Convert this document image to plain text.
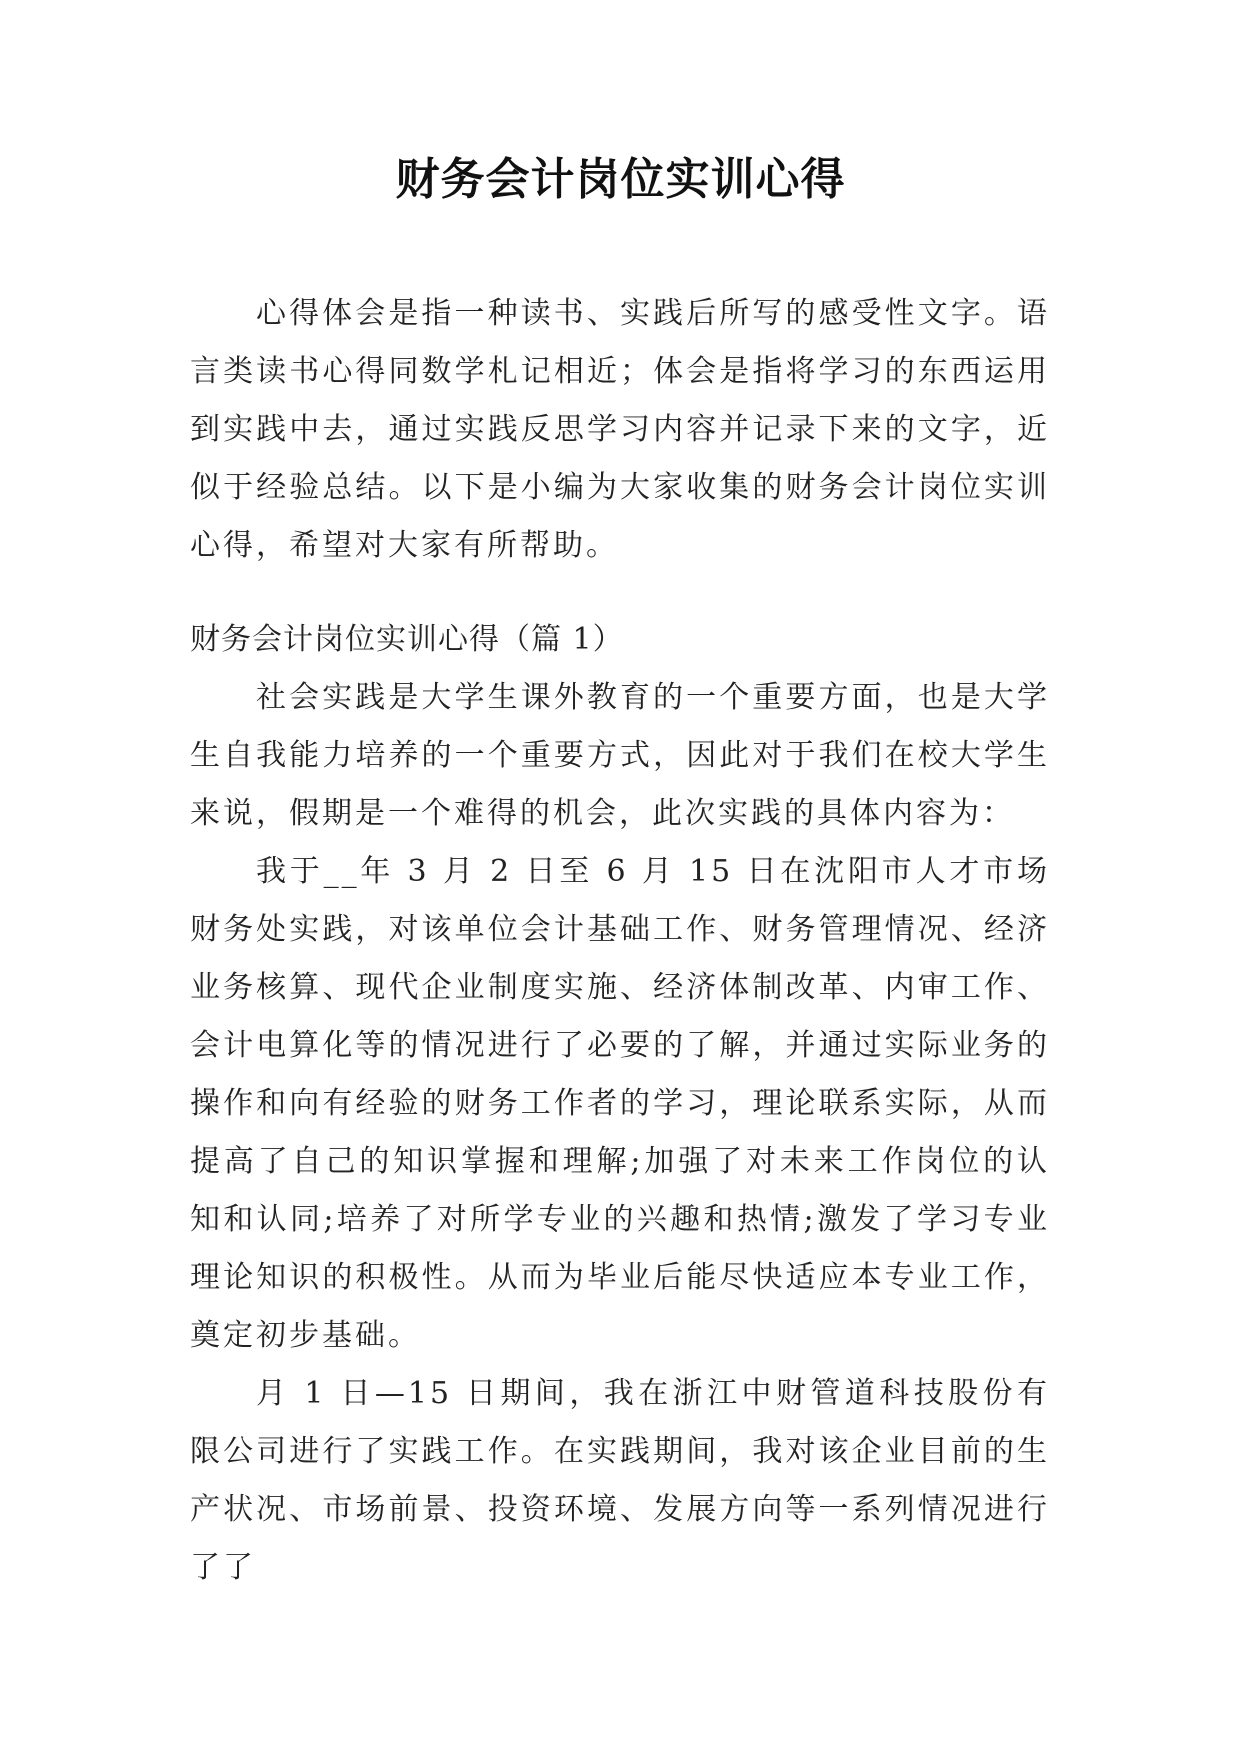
财务会计岗位实训心得

心得体会是指一种读书、实践后所写的感受性文字。语言类读书心得同数学札记相近；体会是指将学习的东西运用到实践中去，通过实践反思学习内容并记录下来的文字，近似于经验总结。以下是小编为大家收集的财务会计岗位实训心得，希望对大家有所帮助。

财务会计岗位实训心得（篇 1）

社会实践是大学生课外教育的一个重要方面，也是大学生自我能力培养的一个重要方式，因此对于我们在校大学生来说，假期是一个难得的机会，此次实践的具体内容为：

我于__年 3 月 2 日至 6 月 15 日在沈阳市人才市场财务处实践，对该单位会计基础工作、财务管理情况、经济业务核算、现代企业制度实施、经济体制改革、内审工作、会计电算化等的情况进行了必要的了解，并通过实际业务的操作和向有经验的财务工作者的学习，理论联系实际，从而提高了自己的知识掌握和理解;加强了对未来工作岗位的认知和认同;培养了对所学专业的兴趣和热情;激发了学习专业理论知识的积极性。从而为毕业后能尽快适应本专业工作，奠定初步基础。

月 1 日—15 日期间，我在浙江中财管道科技股份有限公司进行了实践工作。在实践期间，我对该企业目前的生产状况、市场前景、投资环境、发展方向等一系列情况进行了了
